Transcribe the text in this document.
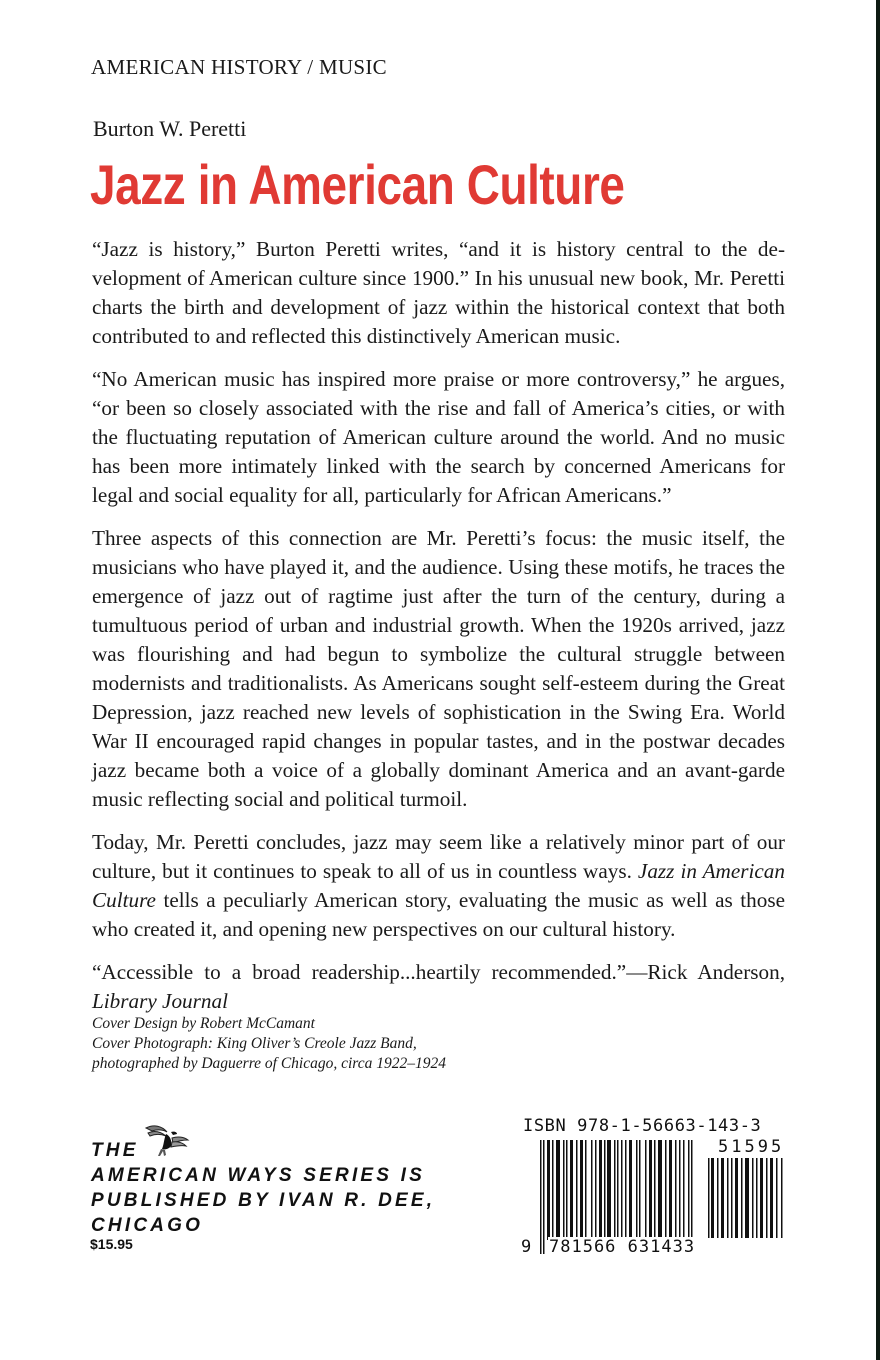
AMERICAN HISTORY / MUSIC
Burton W. Peretti
Jazz in American Culture

“Jazz is history,” Burton Peretti writes, “and it is history central to the development of American culture since 1900.” In his unusual new book, Mr. Peretti charts the birth and development of jazz within the historical context that both contributed to and reflected this distinctively American music.

“No American music has inspired more praise or more controversy,” he argues, “or been so closely associated with the rise and fall of America’s cities, or with the fluctuating reputation of American culture around the world. And no music has been more intimately linked with the search by concerned Americans for legal and social equality for all, particularly for African Americans.”

Three aspects of this connection are Mr. Peretti’s focus: the music itself, the musicians who have played it, and the audience. Using these motifs, he traces the emergence of jazz out of ragtime just after the turn of the century, during a tumultuous period of urban and industrial growth. When the 1920s arrived, jazz was flourishing and had begun to symbolize the cultural struggle between modernists and traditionalists. As Americans sought self-esteem during the Great Depression, jazz reached new levels of sophistication in the Swing Era. World War II encouraged rapid changes in popular tastes, and in the postwar decades jazz became both a voice of a globally dominant America and an avant-garde music reflecting social and political turmoil.

Today, Mr. Peretti concludes, jazz may seem like a relatively minor part of our culture, but it continues to speak to all of us in countless ways. Jazz in American Culture tells a peculiarly American story, evaluating the music as well as those who created it, and opening new perspectives on our cultural history.

“Accessible to a broad readership...heartily recommended.”—Rick Anderson, Library Journal

Cover Design by Robert McCamant
Cover Photograph: King Oliver’s Creole Jazz Band,
photographed by Daguerre of Chicago, circa 1922–1924
THE
AMERICAN WAYS SERIES IS
PUBLISHED BY IVAN R. DEE,
CHICAGO
$15.95
ISBN 978-1-56663-143-3
9 781566 631433
51595
